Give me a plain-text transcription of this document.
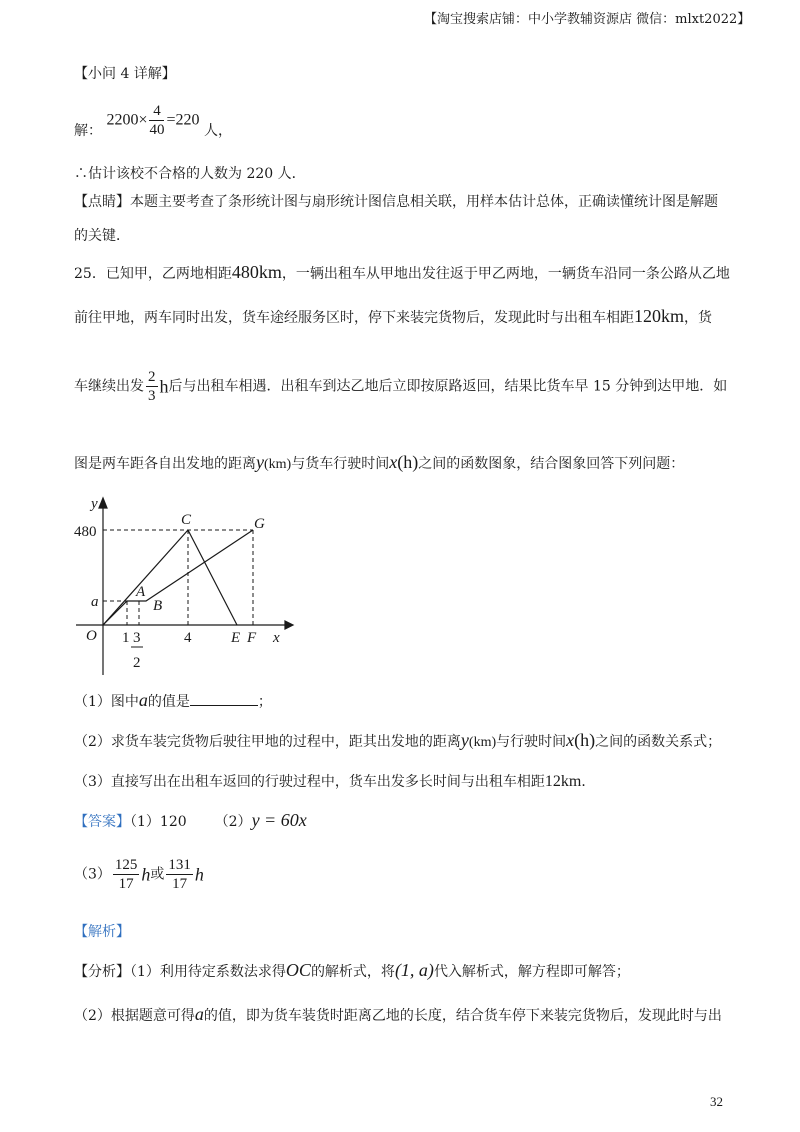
【淘宝搜索店铺：中小学教辅资源店 微信：mlxt2022】
【小问 4 详解】
解： $2200\times \frac{4}{40} =220$ 人，
∴估计该校不合格的人数为 220 人．
【点睛】本题主要考查了条形统计图与扇形统计图信息相关联，用样本估计总体，正确读懂统计图是解题
的关键．
25．已知甲，乙两地相距480km，一辆出租车从甲地出发往返于甲乙两地，一辆货车沿同一条公路从乙地
前往甲地，两车同时出发，货车途经服务区时，停下来装完货物后，发现此时与出租车相距120km，货
车继续出发 $\frac{2}{3}$ h后与出租车相遇．出租车到达乙地后立即按原路返回，结果比货车早 15 分钟到达甲地．如
图是两车距各自出发地的距离y(km)与货车行驶时间x(h)之间的函数图象，结合图象回答下列问题：
y
x
480
a
O 1 3
2
4
C	G
A
B
E F
（1）图中a的值是	；
（2）求货车装完货物后驶往甲地的过程中，距其出发地的距离y(km)与行驶时间x(h)之间的函数关系式；
（3）直接写出在出租车返回的行驶过程中，货车出发多长时间与出租车相距12km．
【答案】（1）120 （2）y = 60x
$(3) \frac{125}{17}$ h或 $\frac{131}{17}$ h
【解析】
【分析】（1）利用待定系数法求得OC的解析式，将(1, a)代入解析式，解方程即可解答；
（2）根据题意可得a的值，即为货车装货时距离乙地的长度，结合货车停下来装完货物后，发现此时与出
32
